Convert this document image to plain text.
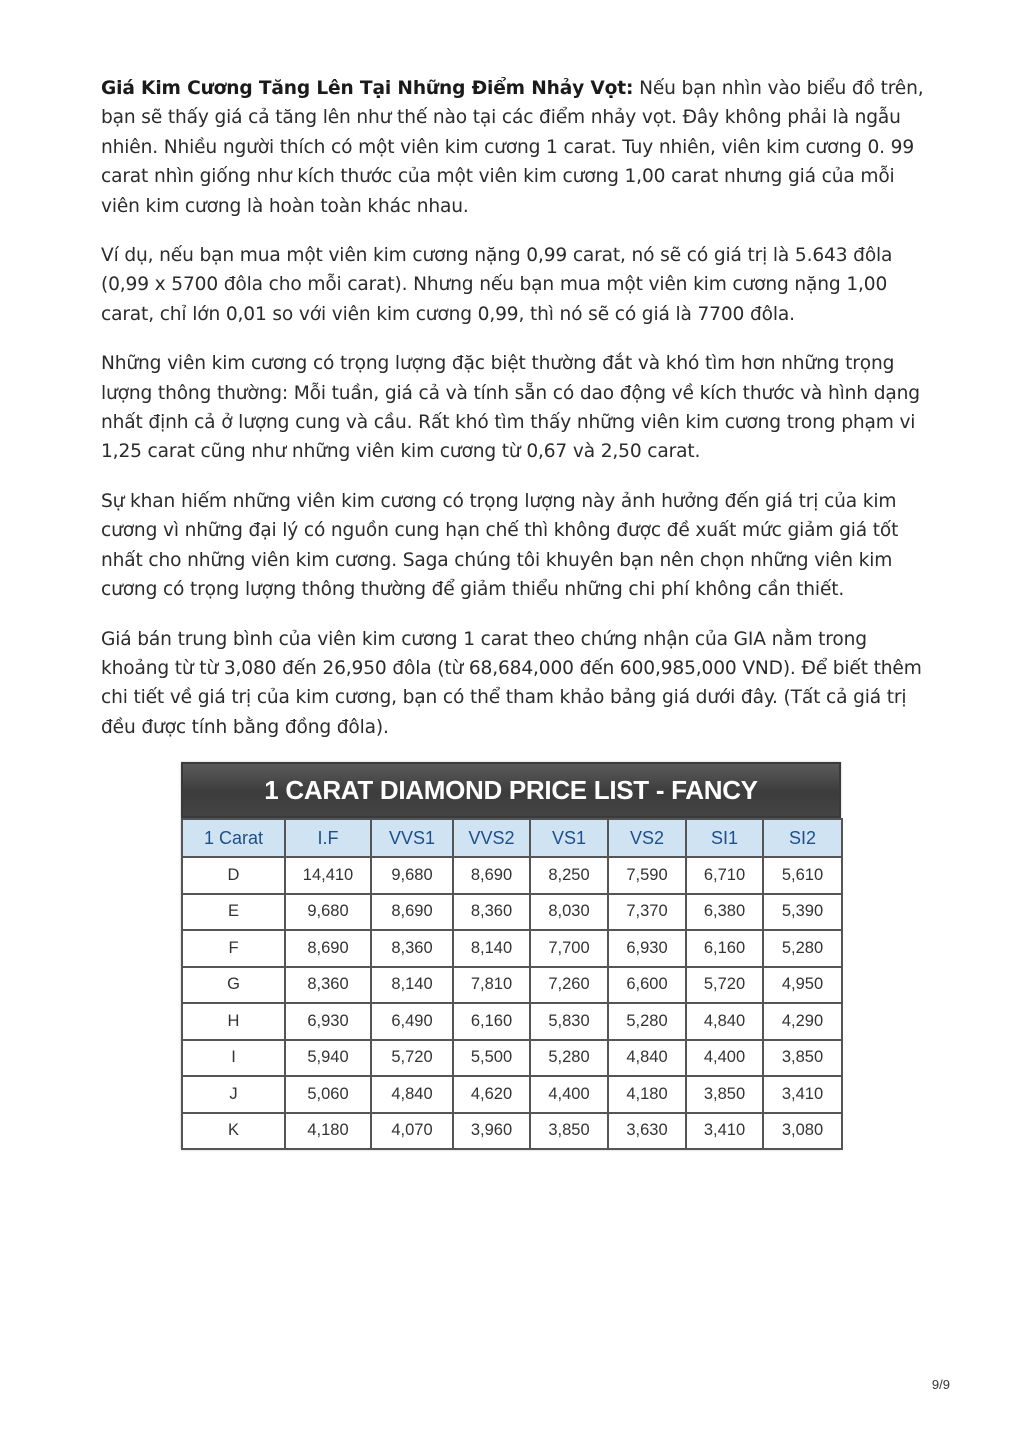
Giá Kim Cương Tăng Lên Tại Những Điểm Nhảy Vọt: Nếu bạn nhìn vào biểu đồ trên, bạn sẽ thấy giá cả tăng lên như thế nào tại các điểm nhảy vọt. Đây không phải là ngẫu nhiên. Nhiều người thích có một viên kim cương 1 carat. Tuy nhiên, viên kim cương 0. 99 carat nhìn giống như kích thước của một viên kim cương 1,00 carat nhưng giá của mỗi viên kim cương là hoàn toàn khác nhau.

Ví dụ, nếu bạn mua một viên kim cương nặng 0,99 carat, nó sẽ có giá trị là 5.643 đôla (0,99 x 5700 đôla cho mỗi carat). Nhưng nếu bạn mua một viên kim cương nặng 1,00 carat, chỉ lớn 0,01 so với viên kim cương 0,99, thì nó sẽ có giá là 7700 đôla.

Những viên kim cương có trọng lượng đặc biệt thường đắt và khó tìm hơn những trọng lượng thông thường: Mỗi tuần, giá cả và tính sẵn có dao động về kích thước và hình dạng nhất định cả ở lượng cung và cầu. Rất khó tìm thấy những viên kim cương trong phạm vi 1,25 carat cũng như những viên kim cương từ 0,67 và 2,50 carat.

Sự khan hiếm những viên kim cương có trọng lượng này ảnh hưởng đến giá trị của kim cương vì những đại lý có nguồn cung hạn chế thì không được đề xuất mức giảm giá tốt nhất cho những viên kim cương. Saga chúng tôi khuyên bạn nên chọn những viên kim cương có trọng lượng thông thường để giảm thiểu những chi phí không cần thiết.

Giá bán trung bình của viên kim cương 1 carat theo chứng nhận của GIA nằm trong khoảng từ từ 3,080 đến 26,950 đôla (từ 68,684,000 đến 600,985,000 VND). Để biết thêm chi tiết về giá trị của kim cương, bạn có thể tham khảo bảng giá dưới đây. (Tất cả giá trị đều được tính bằng đồng đôla).

1 CARAT DIAMOND PRICE LIST - FANCY
1 Carat	I.F	VVS1	VVS2	VS1	VS2	SI1	SI2
D	14,410	9,680	8,690	8,250	7,590	6,710	5,610
E	9,680	8,690	8,360	8,030	7,370	6,380	5,390
F	8,690	8,360	8,140	7,700	6,930	6,160	5,280
G	8,360	8,140	7,810	7,260	6,600	5,720	4,950
H	6,930	6,490	6,160	5,830	5,280	4,840	4,290
I	5,940	5,720	5,500	5,280	4,840	4,400	3,850
J	5,060	4,840	4,620	4,400	4,180	3,850	3,410
K	4,180	4,070	3,960	3,850	3,630	3,410	3,080
9/9
